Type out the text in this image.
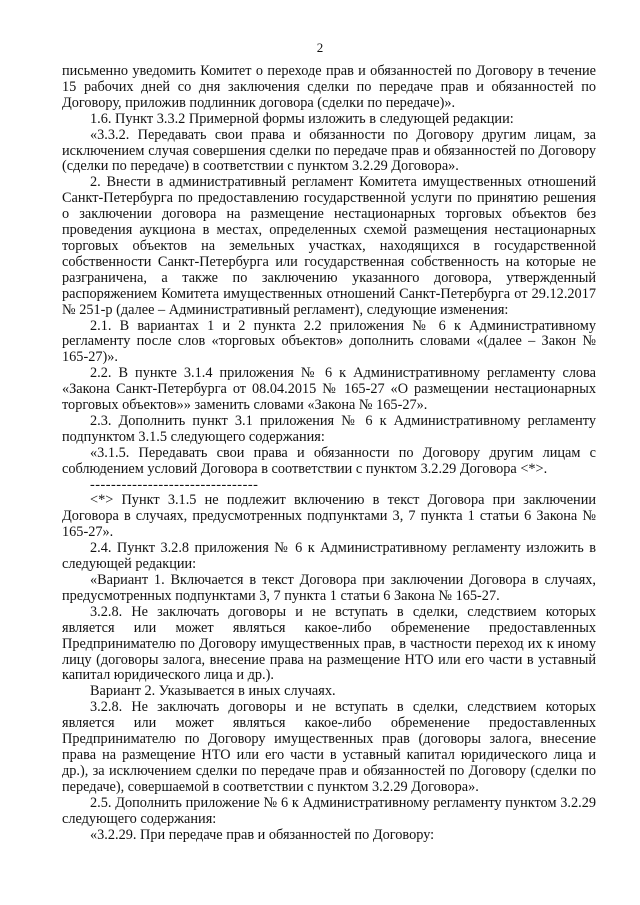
2

письменно уведомить Комитет о переходе прав и обязанностей по Договору в течение 15 рабочих дней со дня заключения сделки по передаче прав и обязанностей по Договору, приложив подлинник договора (сделки по передаче)».

1.6. Пункт 3.3.2 Примерной формы изложить в следующей редакции:

«3.3.2. Передавать свои права и обязанности по Договору другим лицам, за исключением случая совершения сделки по передаче прав и обязанностей по Договору (сделки по передаче) в соответствии с пунктом 3.2.29 Договора».

2. Внести в административный регламент Комитета имущественных отношений Санкт-Петербурга по предоставлению государственной услуги по принятию решения о заключении договора на размещение нестационарных торговых объектов без проведения аукциона в местах, определенных схемой размещения нестационарных торговых объектов на земельных участках, находящихся в государственной собственности Санкт-Петербурга или государственная собственность на которые не разграничена, а также по заключению указанного договора, утвержденный распоряжением Комитета имущественных отношений Санкт-Петербурга от 29.12.2017 № 251-р (далее – Административный регламент), следующие изменения:

2.1. В вариантах 1 и 2 пункта 2.2 приложения № 6 к Административному регламенту после слов «торговых объектов» дополнить словами «(далее – Закон № 165-27)».

2.2. В пункте 3.1.4 приложения № 6 к Административному регламенту слова «Закона Санкт-Петербурга от 08.04.2015 № 165-27 «О размещении нестационарных торговых объектов»» заменить словами «Закона № 165-27».

2.3. Дополнить пункт 3.1 приложения № 6 к Административному регламенту подпунктом 3.1.5 следующего содержания:

«3.1.5. Передавать свои права и обязанности по Договору другим лицам с соблюдением условий Договора в соответствии с пунктом 3.2.29 Договора <*>.

--------------------------------

<*> Пункт 3.1.5 не подлежит включению в текст Договора при заключении Договора в случаях, предусмотренных подпунктами 3, 7 пункта 1 статьи 6 Закона № 165-27».

2.4. Пункт 3.2.8 приложения № 6 к Административному регламенту изложить в следующей редакции:

«Вариант 1. Включается в текст Договора при заключении Договора в случаях, предусмотренных подпунктами 3, 7 пункта 1 статьи 6 Закона № 165-27.

3.2.8. Не заключать договоры и не вступать в сделки, следствием которых является или может являться какое-либо обременение предоставленных Предпринимателю по Договору имущественных прав, в частности переход их к иному лицу (договоры залога, внесение права на размещение НТО или его части в уставный капитал юридического лица и др.).

Вариант 2. Указывается в иных случаях.

3.2.8. Не заключать договоры и не вступать в сделки, следствием которых является или может являться какое-либо обременение предоставленных Предпринимателю по Договору имущественных прав (договоры залога, внесение права на размещение НТО или его части в уставный капитал юридического лица и др.), за исключением сделки по передаче прав и обязанностей по Договору (сделки по передаче), совершаемой в соответствии с пунктом 3.2.29 Договора».

2.5. Дополнить приложение № 6 к Административному регламенту пунктом 3.2.29 следующего содержания:

«3.2.29. При передаче прав и обязанностей по Договору:
